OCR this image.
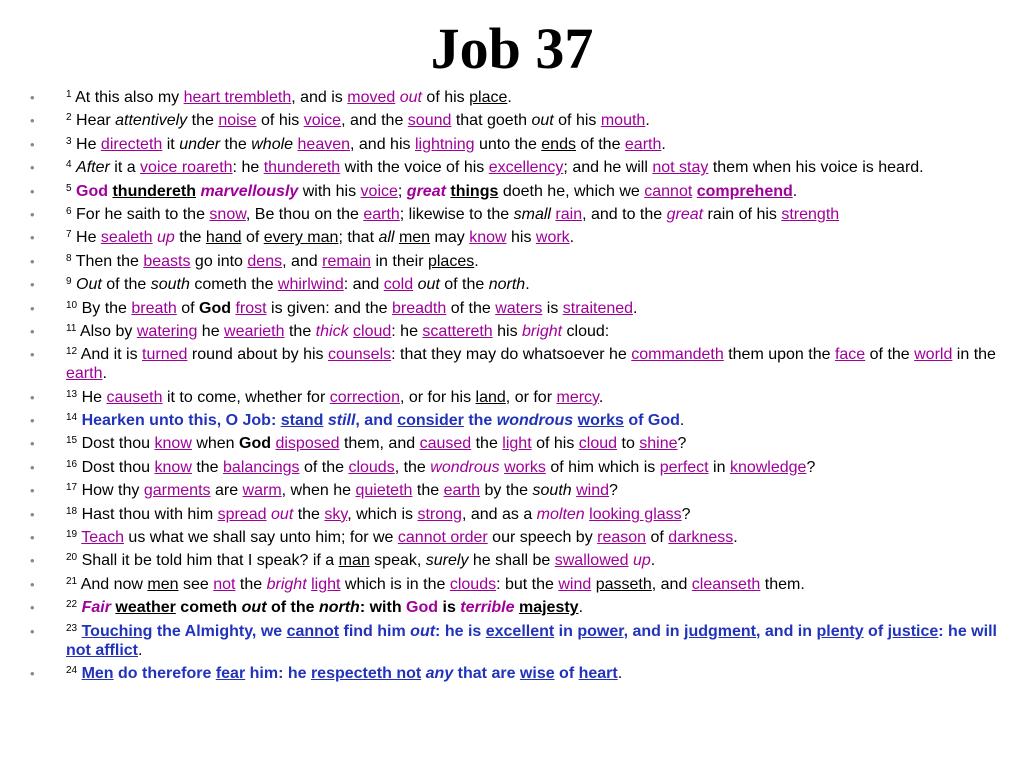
Job 37
• $^1$ At this also my heart trembleth, and is moved out of his place.
• $^2$ Hear attentively the noise of his voice, and the sound that goeth out of his mouth.
• $^3$ He directeth it under the whole heaven, and his lightning unto the ends of the earth.
• $^4$ After it a voice roareth: he thundereth with the voice of his excellency; and he will not stay them when his voice is heard.
• $^5$ God thundereth marvellously with his voice; great things doeth he, which we cannot comprehend.
• $^6$ For he saith to the snow, Be thou on the earth; likewise to the small rain, and to the great rain of his strength
• $^7$ He sealeth up the hand of every man; that all men may know his work.
• $^8$ Then the beasts go into dens, and remain in their places.
• $^9$ Out of the south cometh the whirlwind: and cold out of the north.
• $^{10}$ By the breath of God frost is given: and the breadth of the waters is straitened.
• $^{11}$ Also by watering he wearieth the thick cloud: he scattereth his bright cloud:
• $^{12}$ And it is turned round about by his counsels: that they may do whatsoever he commandeth them upon the face of the world in the earth.
• $^{13}$ He causeth it to come, whether for correction, or for his land, or for mercy.
• $^{14}$ Hearken unto this, O Job: stand still, and consider the wondrous works of God.
• $^{15}$ Dost thou know when God disposed them, and caused the light of his cloud to shine?
• $^{16}$ Dost thou know the balancings of the clouds, the wondrous works of him which is perfect in knowledge?
• $^{17}$ How thy garments are warm, when he quieteth the earth by the south wind?
• $^{18}$ Hast thou with him spread out the sky, which is strong, and as a molten looking glass?
• $^{19}$ Teach us what we shall say unto him; for we cannot order our speech by reason of darkness.
• $^{20}$ Shall it be told him that I speak? if a man speak, surely he shall be swallowed up.
• $^{21}$ And now men see not the bright light which is in the clouds: but the wind passeth, and cleanseth them.
• $^{22}$ Fair weather cometh out of the north: with God is terrible majesty.
• $^{23}$ Touching the Almighty, we cannot find him out: he is excellent in power, and in judgment, and in plenty of justice: he will not afflict.
• $^{24}$ Men do therefore fear him: he respecteth not any that are wise of heart.
